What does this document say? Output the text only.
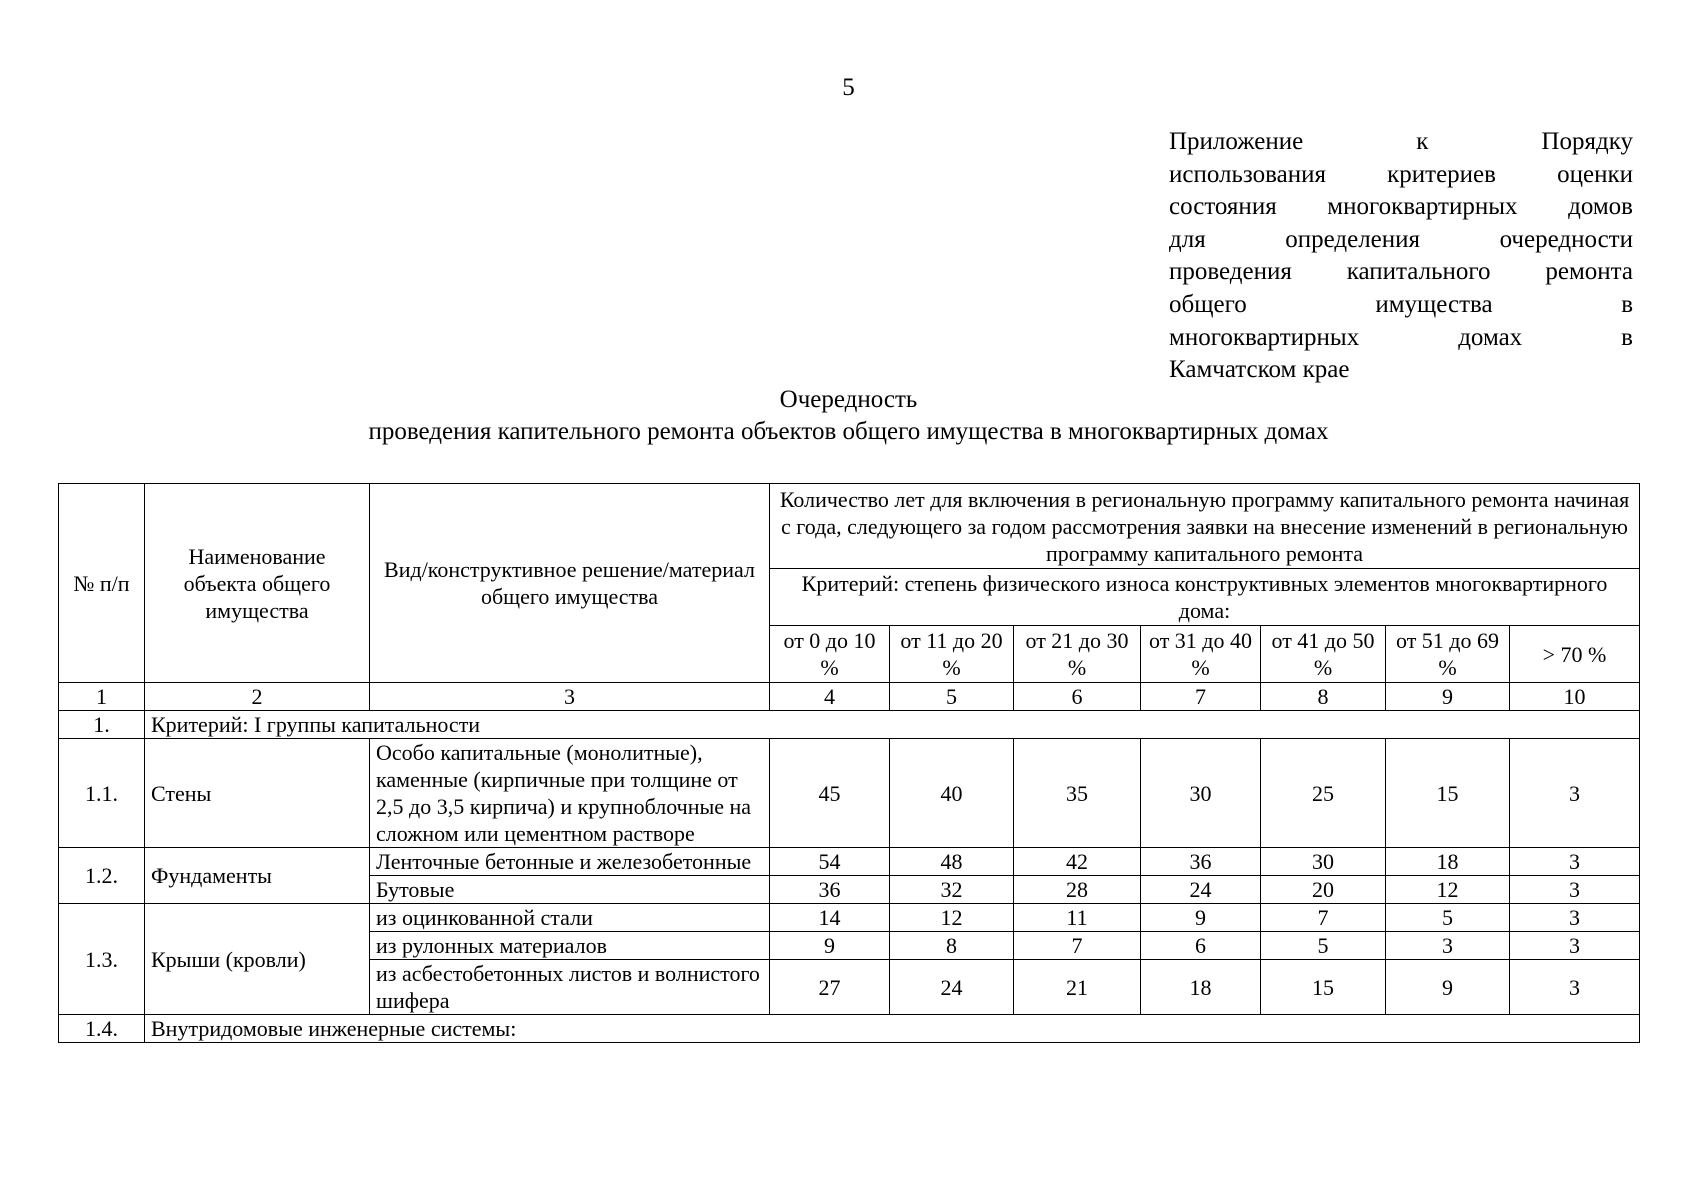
5
Приложение к Порядку
использования критериев оценки
состояния многоквартирных домов
для определения очередности
проведения капитального ремонта
общего имущества в
многоквартирных домах в
Камчатском крае
Очередность
проведения капительного ремонта объектов общего имущества в многоквартирных домах
№ п/п	Наименование объекта общего имущества	Вид/конструктивное решение/материал общего имущества	Количество лет для включения в региональную программу капитального ремонта начиная с года, следующего за годом рассмотрения заявки на внесение изменений в региональную программу капитального ремонта						
			Критерий: степень физического износа конструктивных элементов многоквартирного дома:						
			от 0 до 10 %	от 11 до 20 %	от 21 до 30 %	от 31 до 40 %	от 41 до 50 %	от 51 до 69 %	> 70 %
1	2	3	4	5	6	7	8	9	10
1.	Критерий: I группы капитальности								
1.1.	Стены	Особо капитальные (монолитные), каменные (кирпичные при толщине от 2,5 до 3,5 кирпича) и крупноблочные на сложном или цементном растворе	45	40	35	30	25	15	3
1.2.	Фундаменты	Ленточные бетонные и железобетонные	54	48	42	36	30	18	3
		Бутовые	36	32	28	24	20	12	3
1.3.	Крыши (кровли)	из оцинкованной стали	14	12	11	9	7	5	3
		из рулонных материалов	9	8	7	6	5	3	3
		из асбестобетонных листов и волнистого шифера	27	24	21	18	15	9	3
1.4.	Внутридомовые инженерные системы:								
